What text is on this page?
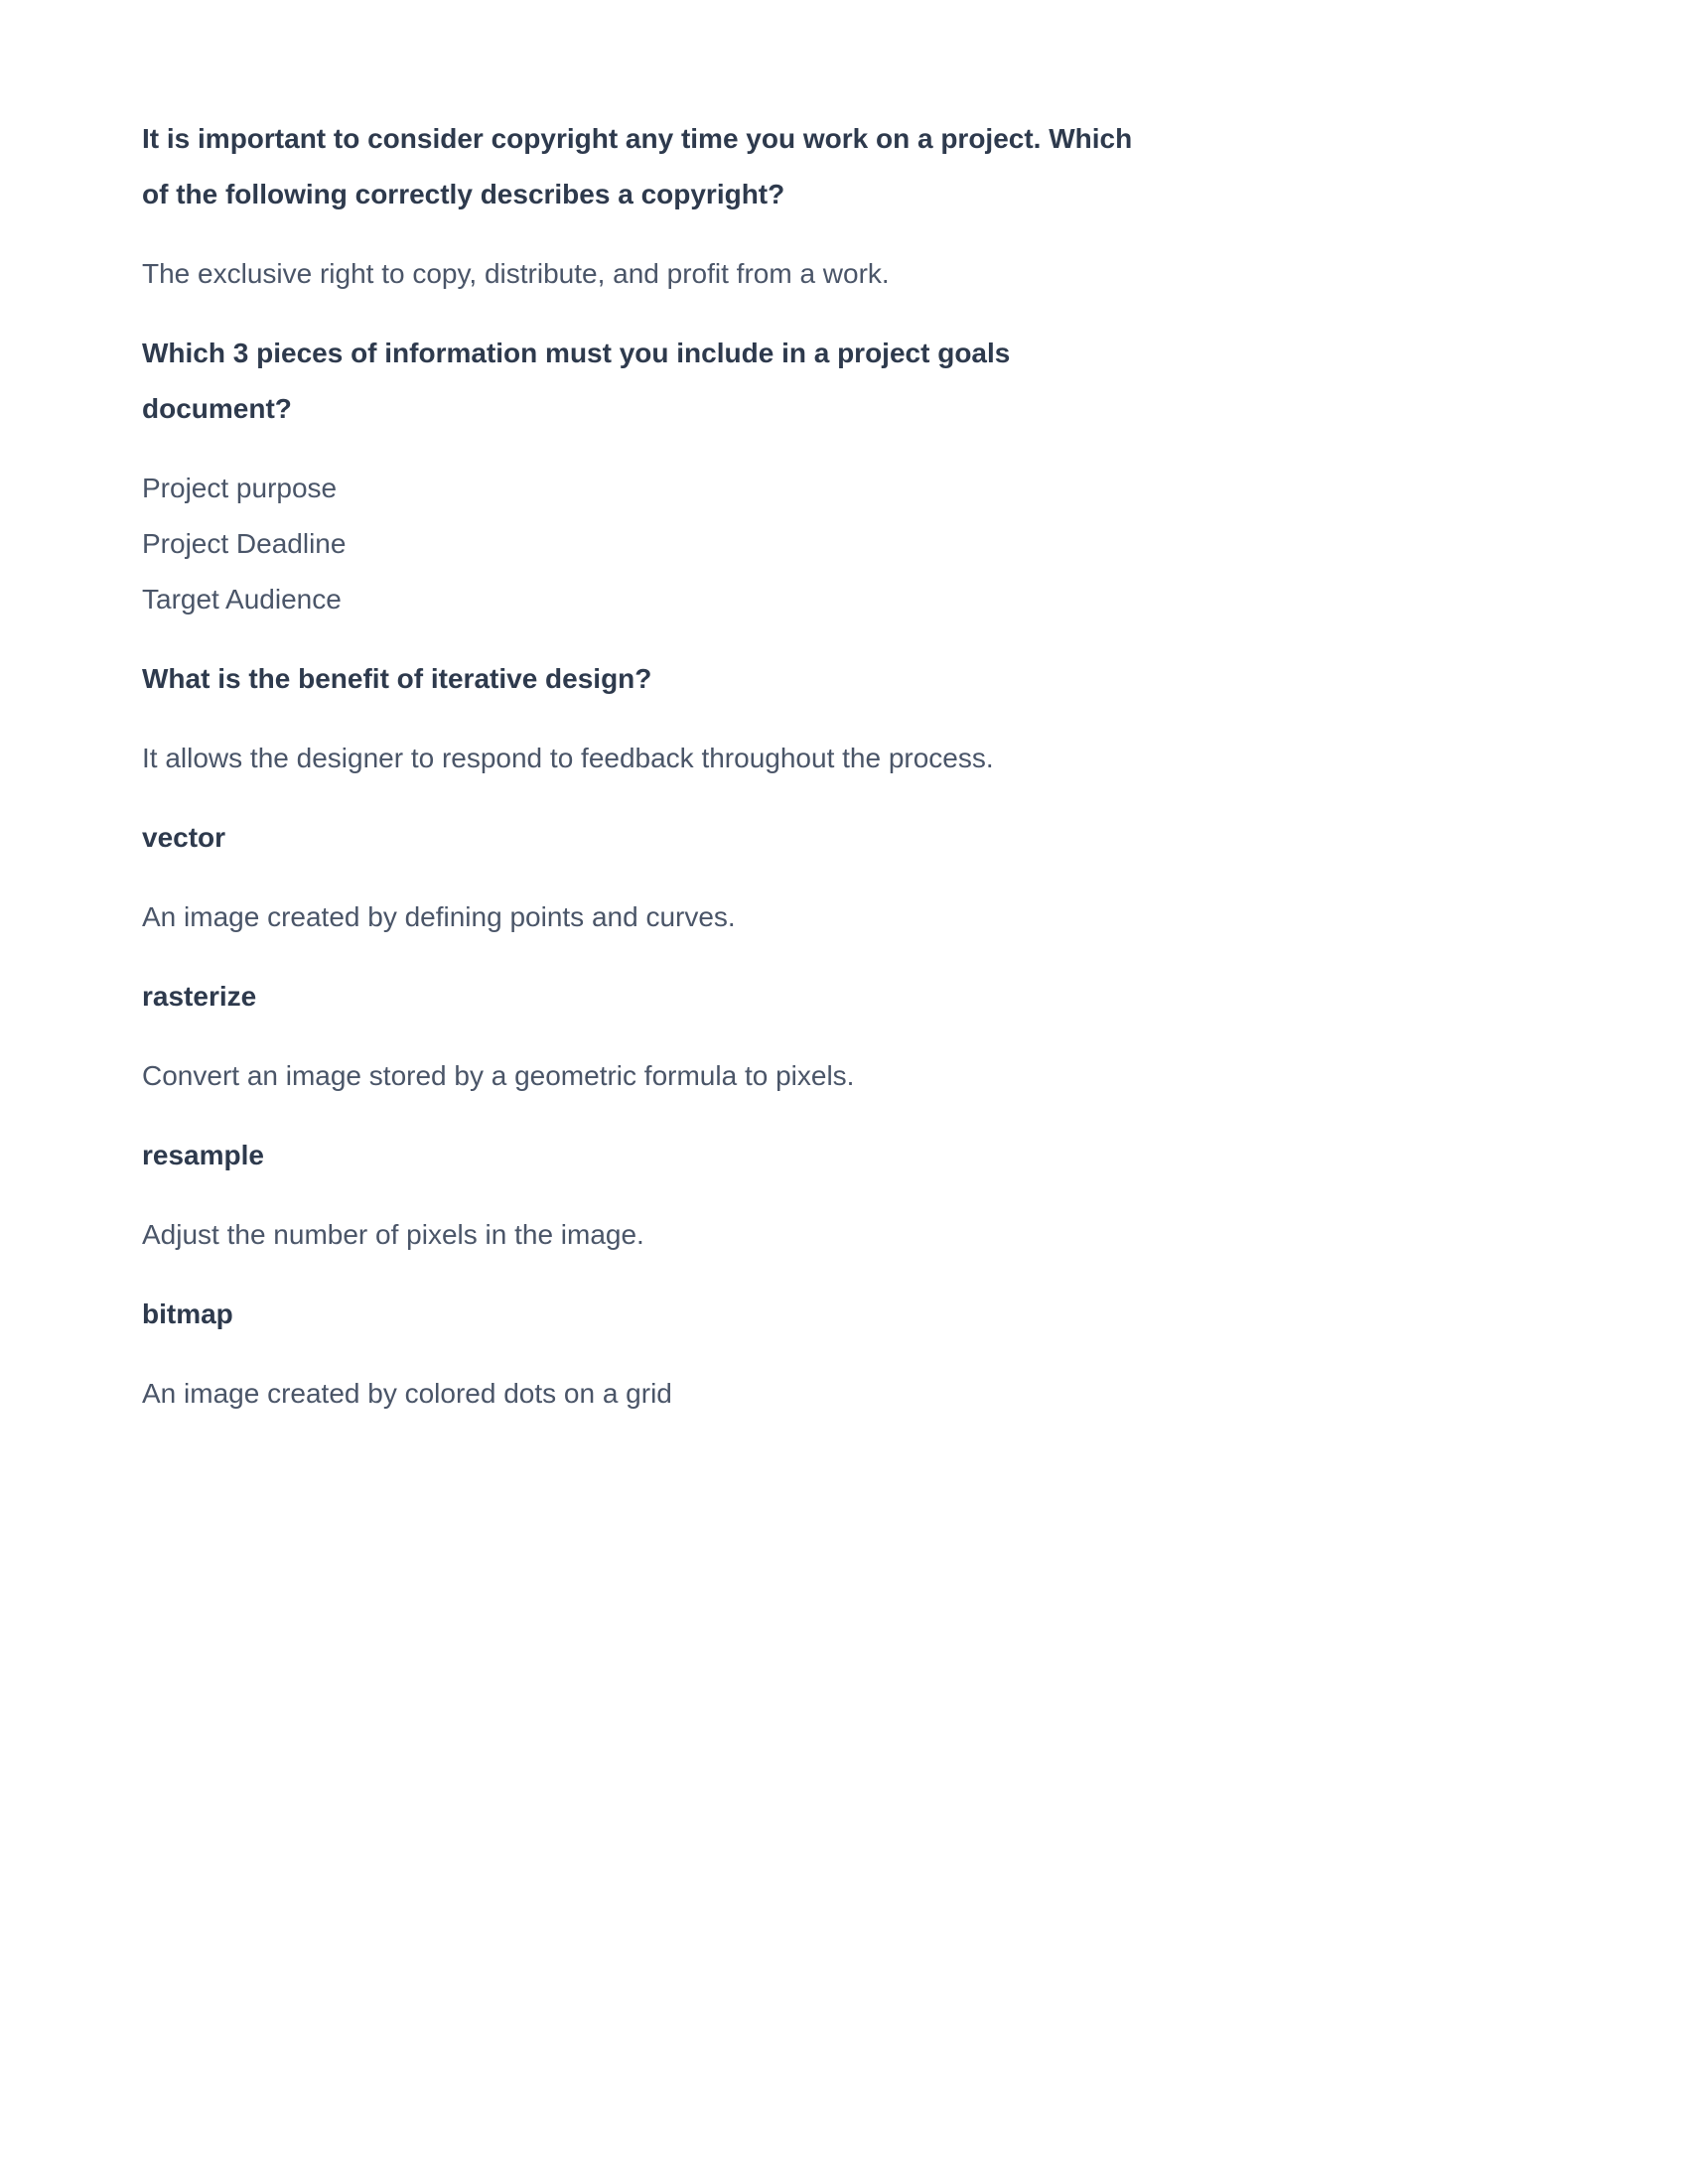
It is important to consider copyright any time you work on a project. Which of the following correctly describes a copyright?

The exclusive right to copy, distribute, and profit from a work.

Which 3 pieces of information must you include in a project goals document?

Project purpose

Project Deadline

Target Audience

What is the benefit of iterative design?

It allows the designer to respond to feedback throughout the process.

vector

An image created by defining points and curves.

rasterize

Convert an image stored by a geometric formula to pixels.

resample

Adjust the number of pixels in the image.

bitmap

An image created by colored dots on a grid
